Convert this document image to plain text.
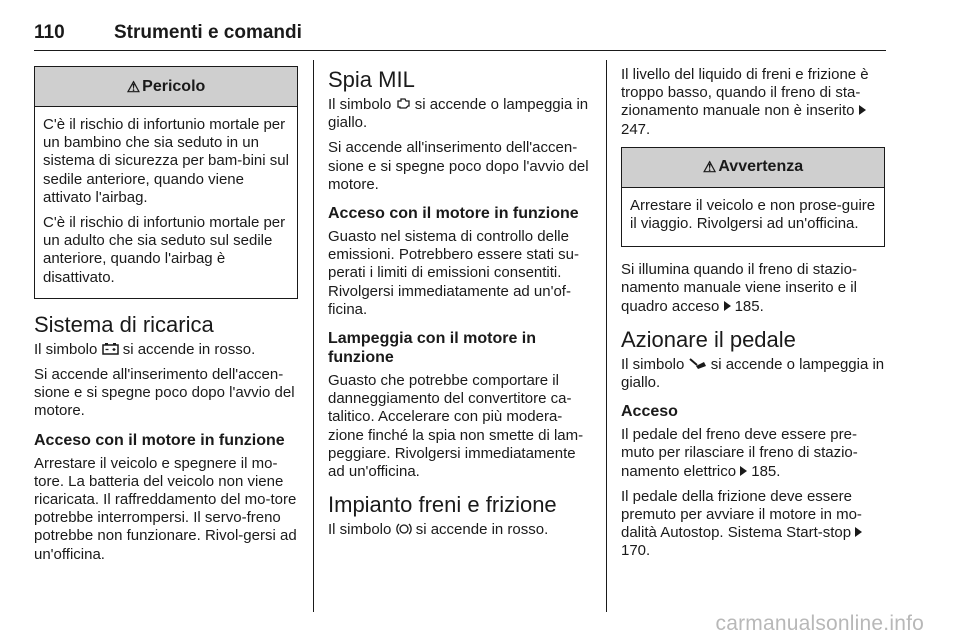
110	Strumenti e comandi
⚠ Pericolo

C'è il rischio di infortunio mortale per un bambino che sia seduto in un sistema di sicurezza per bam-bini sul sedile anteriore, quando viene attivato l'airbag.

C'è il rischio di infortunio mortale per un adulto che sia seduto sul sedile anteriore, quando l'airbag è disattivato.

Sistema di ricarica

Il simbolo si accende in rosso.

Si accende all'inserimento dell'accen-sione e si spegne poco dopo l'avvio del motore.

Acceso con il motore in funzione

Arrestare il veicolo e spegnere il mo-tore. La batteria del veicolo non viene ricaricata. Il raffreddamento del mo-tore potrebbe interrompersi. Il servo-freno potrebbe non funzionare. Rivol-gersi ad un'officina.

Spia MIL

Il simbolo si accende o lampeggia in giallo.

Si accende all'inserimento dell'accen-sione e si spegne poco dopo l'avvio del motore.

Acceso con il motore in funzione

Guasto nel sistema di controllo delle emissioni. Potrebbero essere stati su-perati i limiti di emissioni consentiti. Rivolgersi immediatamente ad un'of-ficina.

Lampeggia con il motore in funzione

Guasto che potrebbe comportare il danneggiamento del convertitore ca-talitico. Accelerare con più modera-zione finché la spia non smette di lam-peggiare. Rivolgersi immediatamente ad un'officina.

Impianto freni e frizione

Il simbolo si accende in rosso.

Il livello del liquido di freni e frizione è troppo basso, quando il freno di sta-zionamento manuale non è inserito 247.

⚠ Avvertenza

Arrestare il veicolo e non prose-guire il viaggio. Rivolgersi ad un'officina.

Si illumina quando il freno di stazio-namento manuale viene inserito e il quadro acceso 185.

Azionare il pedale

Il simbolo si accende o lampeggia in giallo.

Acceso

Il pedale del freno deve essere pre-muto per rilasciare il freno di stazio-namento elettrico 185.

Il pedale della frizione deve essere premuto per avviare il motore in mo-dalità Autostop. Sistema Start-stop 170.

carmanualsonline.info
